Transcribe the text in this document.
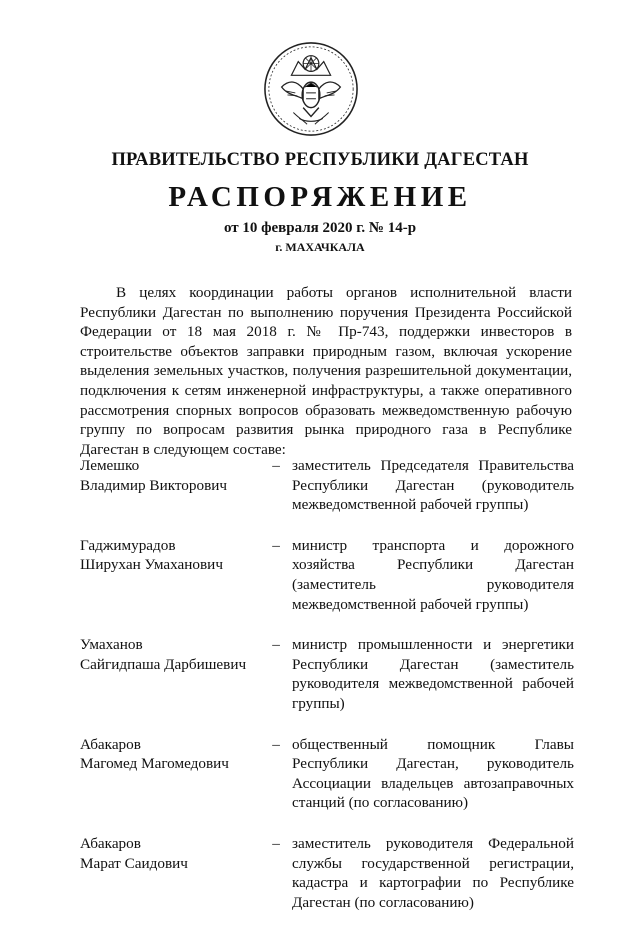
ПРАВИТЕЛЬСТВО РЕСПУБЛИКИ ДАГЕСТАН
РАСПОРЯЖЕНИЕ
от 10 февраля 2020 г. № 14-р
г. МАХАЧКАЛА

В целях координации работы органов исполнительной власти Республики Дагестан по выполнению поручения Президента Российской Федерации от 18 мая 2018 г. № Пр-743, поддержки инвесторов в строительстве объектов заправки природным газом, включая ускорение выделения земельных участков, получения разрешительной документации, подключения к сетям инженерной инфраструктуры, а также оперативного рассмотрения спорных вопросов образовать межведомственную рабочую группу по вопросам развития рынка природного газа в Республике Дагестан в следующем составе:

Лемешко
Владимир Викторович
– заместитель Председателя Правительства Республики Дагестан (руководитель межведомственной рабочей группы)
Гаджимурадов
Ширухан Умаханович
– министр транспорта и дорожного хозяйства Республики Дагестан (заместитель руководителя межведомственной рабочей группы)
Умаханов
Сайгидпаша Дарбишевич
– министр промышленности и энергетики Республики Дагестан (заместитель руководителя межведомственной рабочей группы)
Абакаров
Магомед Магомедович
– общественный помощник Главы Республики Дагестан, руководитель Ассоциации владельцев автозаправочных станций (по согласованию)
Абакаров
Марат Саидович
– заместитель руководителя Федеральной службы государственной регистрации, кадастра и картографии по Республике Дагестан (по согласованию)
